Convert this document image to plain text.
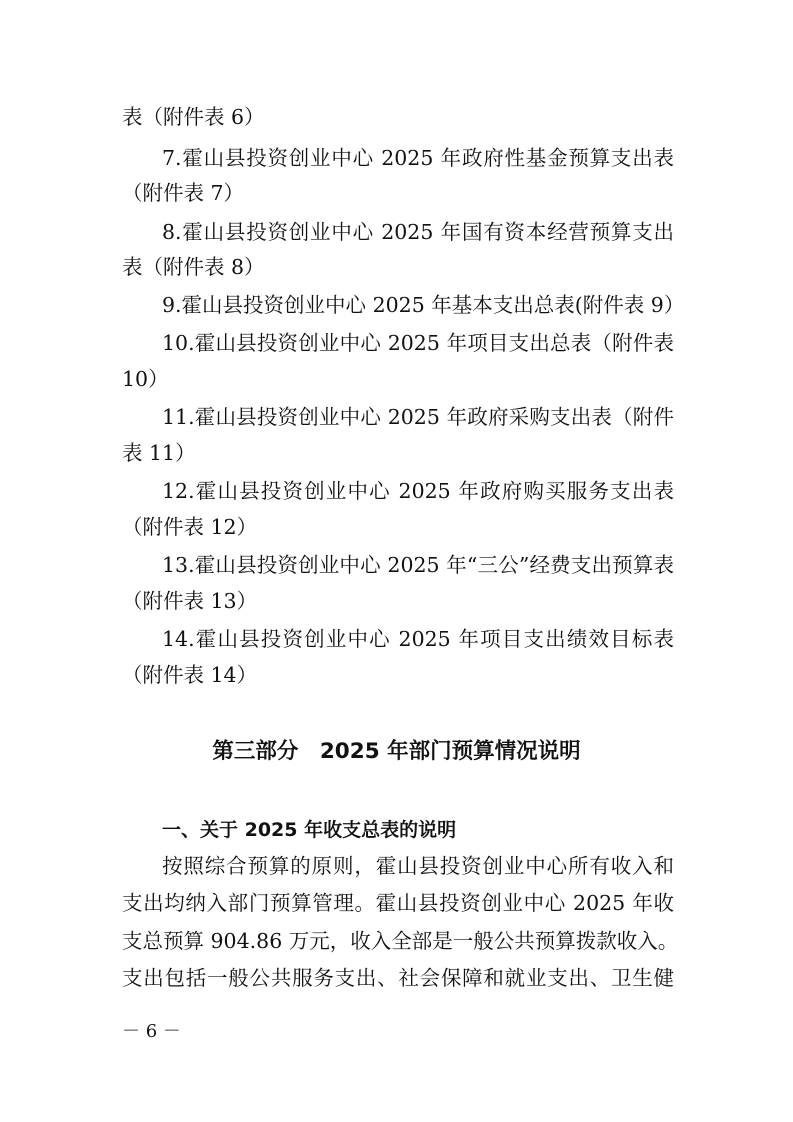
表（附件表 6）
7.霍山县投资创业中心 2025 年政府性基金预算支出表
（附件表 7）
8.霍山县投资创业中心 2025 年国有资本经营预算支出
表（附件表 8）
9.霍山县投资创业中心 2025 年基本支出总表(附件表 9）
10.霍山县投资创业中心 2025 年项目支出总表（附件表
10）
11.霍山县投资创业中心 2025 年政府采购支出表（附件
表 11）
12.霍山县投资创业中心 2025 年政府购买服务支出表
（附件表 12）
13.霍山县投资创业中心 2025 年“三公”经费支出预算表
（附件表 13）
14.霍山县投资创业中心 2025 年项目支出绩效目标表
（附件表 14）
第三部分　2025 年部门预算情况说明
一、关于 2025 年收支总表的说明
按照综合预算的原则，霍山县投资创业中心所有收入和
支出均纳入部门预算管理。霍山县投资创业中心 2025 年收
支总预算 904.86 万元，收入全部是一般公共预算拨款收入。
支出包括一般公共服务支出、社会保障和就业支出、卫生健
－ 6 －
